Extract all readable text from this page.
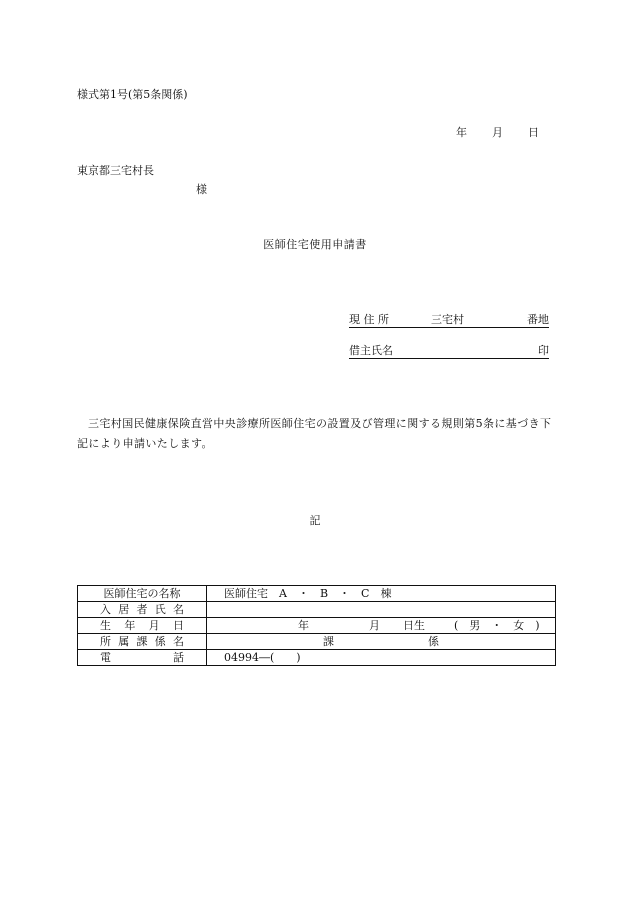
様式第1号(第5条関係)
年 月 日
東京都三宅村長
様
医師住宅使用申請書
現 住 所	三宅村	番地
借主氏名	印
三宅村国民健康保険直営中央診療所医師住宅の設置及び管理に関する規則第5条に基づき下記により申請いたします。
記
医師住宅の名称	医師住宅　A　・　B　・　C　棟

入 居 者 氏 名	

生 年 月 日	年 月 日生 (　男　・　女　)

所 属 課 係 名	課 係

電 話	04994―(　　)
